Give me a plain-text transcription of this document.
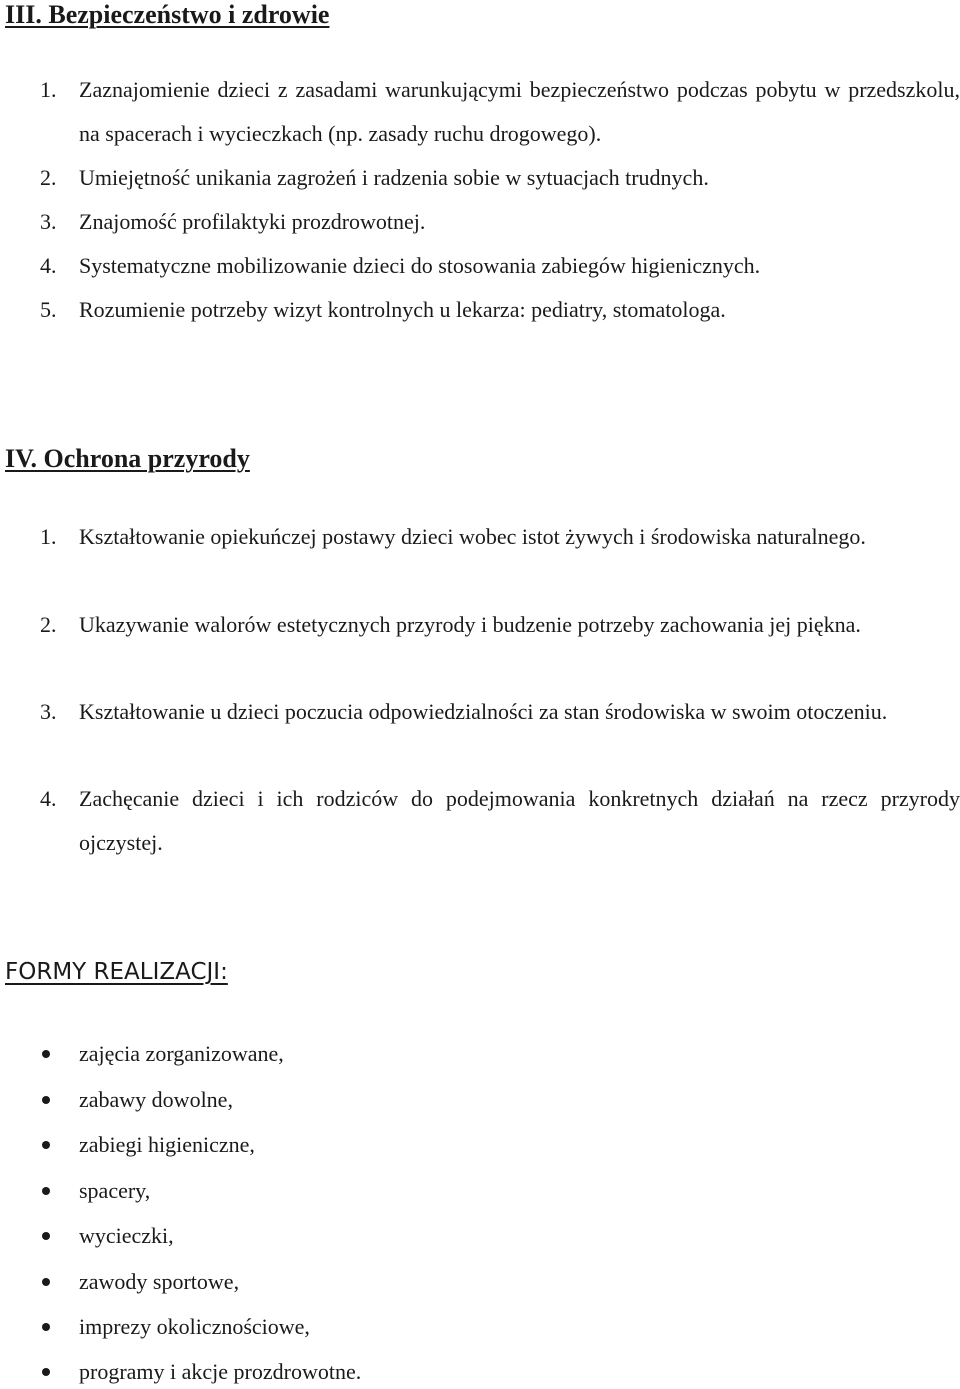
III. Bezpieczeństwo i zdrowie
1.	Zaznajomienie dzieci z zasadami warunkującymi bezpieczeństwo podczas pobytu w przedszkolu, na spacerach i wycieczkach (np. zasady ruchu drogowego).
2.	Umiejętność unikania zagrożeń i radzenia sobie w sytuacjach trudnych.
3.	Znajomość profilaktyki prozdrowotnej.
4.	Systematyczne mobilizowanie dzieci do stosowania zabiegów higienicznych.
5.	Rozumienie potrzeby wizyt kontrolnych u lekarza: pediatry, stomatologa.
IV. Ochrona przyrody
1.	Kształtowanie opiekuńczej postawy dzieci wobec istot żywych i środowiska naturalnego.
2.	Ukazywanie walorów estetycznych przyrody i budzenie potrzeby zachowania jej piękna.
3.	Kształtowanie u dzieci poczucia odpowiedzialności za stan środowiska w swoim otoczeniu.
4.	Zachęcanie dzieci i ich rodziców do podejmowania konkretnych działań na rzecz przyrody ojczystej.
FORMY REALIZACJI:
zajęcia zorganizowane,
zabawy dowolne,
zabiegi higieniczne,
spacery,
wycieczki,
zawody sportowe,
imprezy okolicznościowe,
programy i akcje prozdrowotne.
